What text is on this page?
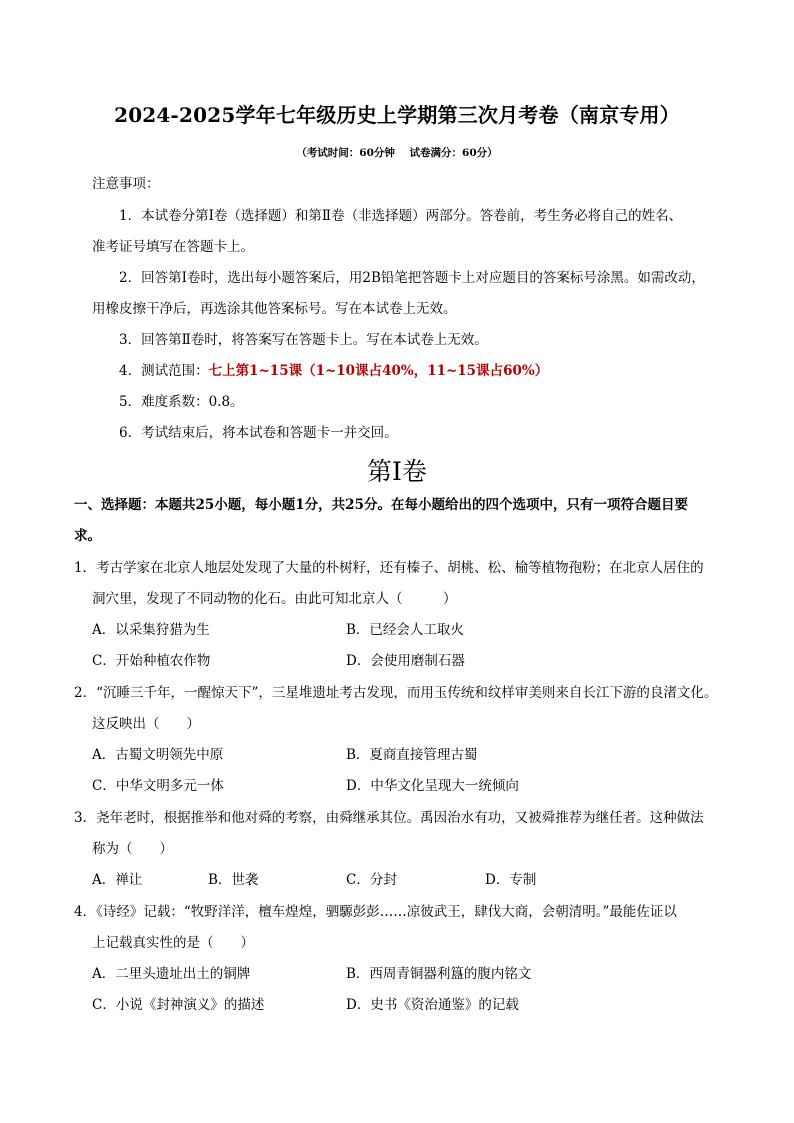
2024-2025学年七年级历史上学期第三次月考卷（南京专用）
（考试时间：60分钟    试卷满分：60分）
注意事项：
1．本试卷分第Ⅰ卷（选择题）和第Ⅱ卷（非选择题）两部分。答卷前，考生务必将自己的姓名、
准考证号填写在答题卡上。
2．回答第Ⅰ卷时，选出每小题答案后，用2B铅笔把答题卡上对应题目的答案标号涂黑。如需改动，
用橡皮擦干净后，再选涂其他答案标号。写在本试卷上无效。
3．回答第Ⅱ卷时，将答案写在答题卡上。写在本试卷上无效。
4．测试范围：七上第1~15课（1~10课占40%，11~15课占60%）
5．难度系数：0.8。
6．考试结束后，将本试卷和答题卡一并交回。
第Ⅰ卷
一、选择题：本题共25小题，每小题1分，共25分。在每小题给出的四个选项中，只有一项符合题目要
求。
1．考古学家在北京人地层处发现了大量的朴树籽，还有榛子、胡桃、松、榆等植物孢粉；在北京人居住的
洞穴里，发现了不同动物的化石。由此可知北京人（　　　）
A．以采集狩猎为生	B．已经会人工取火
C．开始种植农作物	D．会使用磨制石器
2．“沉睡三千年，一醒惊天下”，三星堆遗址考古发现，而用玉传统和纹样审美则来自长江下游的良渚文化。
这反映出（　　）
A．古蜀文明领先中原	B．夏商直接管理古蜀
C．中华文明多元一体	D．中华文化呈现大一统倾向
3．尧年老时，根据推举和他对舜的考察，由舜继承其位。禹因治水有功，又被舜推荐为继任者。这种做法
称为（　　）
A．禅让	B．世袭	C．分封	D．专制
4．《诗经》记载：“牧野洋洋，檀车煌煌，驷騵彭彭……凉彼武王，肆伐大商，会朝清明。”最能佐证以
上记载真实性的是（　　）
A．二里头遗址出土的铜牌	B．西周青铜器利簋的腹内铭文
C．小说《封神演义》的描述	D．史书《资治通鉴》的记载
